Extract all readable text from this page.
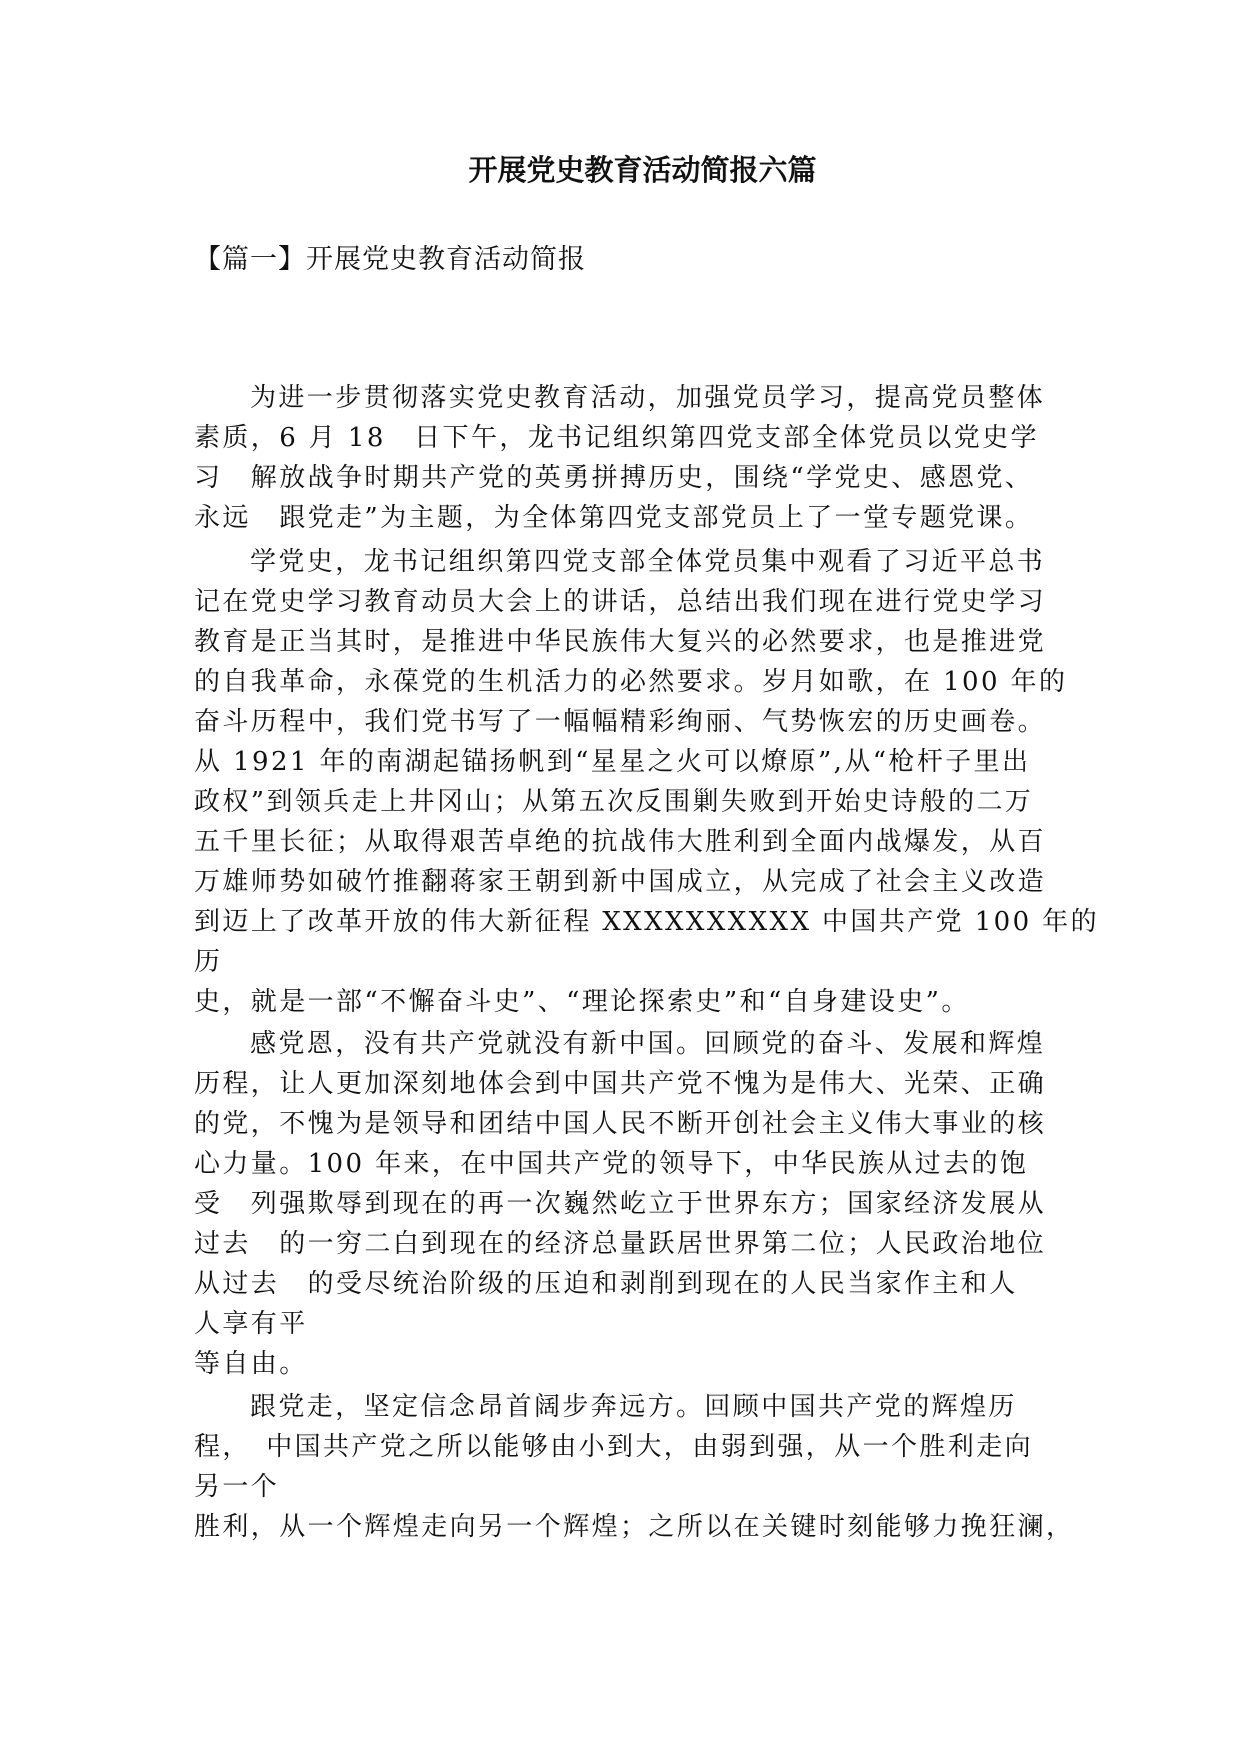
开展党史教育活动简报六篇

【篇一】开展党史教育活动简报

为进一步贯彻落实党史教育活动，加强党员学习，提高党员整体
素质，6 月 18　日下午，龙书记组织第四党支部全体党员以党史学
习　解放战争时期共产党的英勇拼搏历史，围绕“学党史、感恩党、
永远　跟党走”为主题，为全体第四党支部党员上了一堂专题党课。
学党史，龙书记组织第四党支部全体党员集中观看了习近平总书
记在党史学习教育动员大会上的讲话，总结出我们现在进行党史学习
教育是正当其时，是推进中华民族伟大复兴的必然要求，也是推进党
的自我革命，永葆党的生机活力的必然要求。岁月如歌，在 100 年的
奋斗历程中，我们党书写了一幅幅精彩绚丽、气势恢宏的历史画卷。
从 1921 年的南湖起锚扬帆到“星星之火可以燎原”,从“枪杆子里出
政权”到领兵走上井冈山；从第五次反围剿失败到开始史诗般的二万
五千里长征；从取得艰苦卓绝的抗战伟大胜利到全面内战爆发，从百
万雄师势如破竹推翻蒋家王朝到新中国成立，从完成了社会主义改造
到迈上了改革开放的伟大新征程 XXXXXXXXXX 中国共产党 100 年的
历
史，就是一部“不懈奋斗史”、“理论探索史”和“自身建设史”。
感党恩，没有共产党就没有新中国。回顾党的奋斗、发展和辉煌
历程，让人更加深刻地体会到中国共产党不愧为是伟大、光荣、正确
的党，不愧为是领导和团结中国人民不断开创社会主义伟大事业的核
心力量。100 年来，在中国共产党的领导下，中华民族从过去的饱
受　列强欺辱到现在的再一次巍然屹立于世界东方；国家经济发展从
过去　的一穷二白到现在的经济总量跃居世界第二位；人民政治地位
从过去　的受尽统治阶级的压迫和剥削到现在的人民当家作主和人
人享有平
等自由。
跟党走，坚定信念昂首阔步奔远方。回顾中国共产党的辉煌历
程，　中国共产党之所以能够由小到大，由弱到强，从一个胜利走向
另一个
胜利，从一个辉煌走向另一个辉煌；之所以在关键时刻能够力挽狂澜，
